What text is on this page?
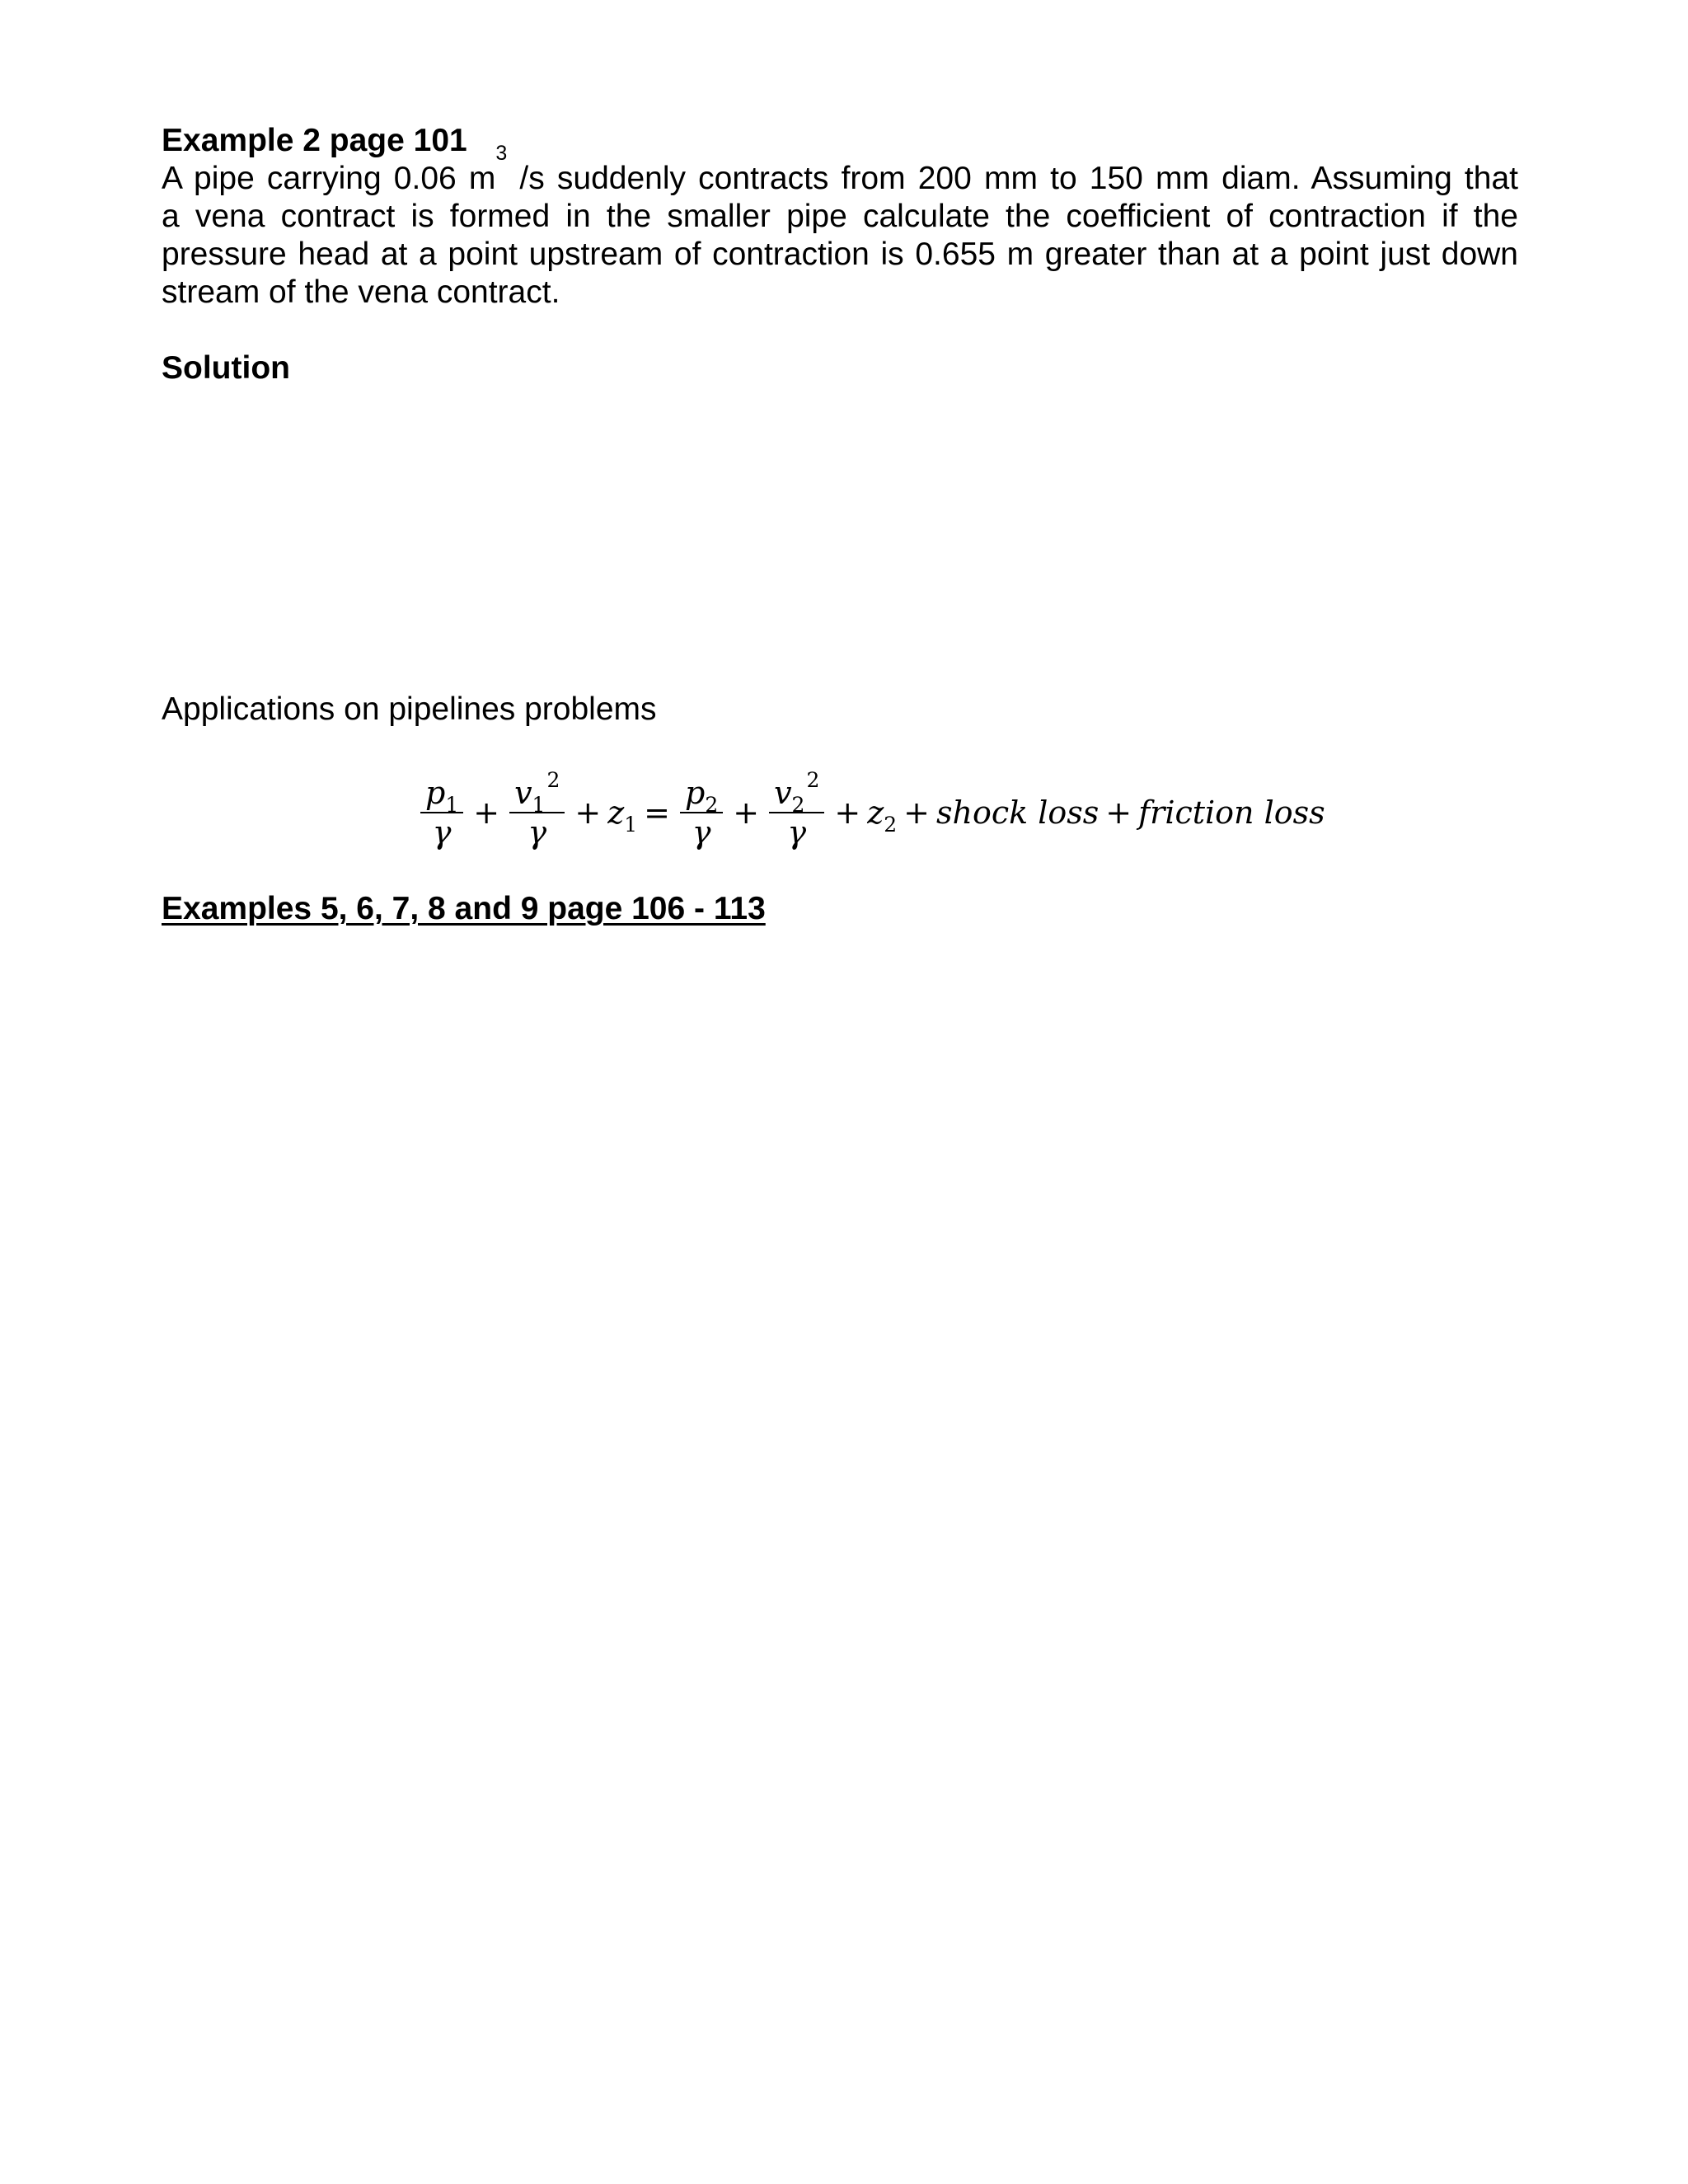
Example 2 page 101
A pipe carrying 0.06 $m^3$ /s suddenly contracts from 200 mm to 150 mm diam. Assuming that
a vena contract is formed in the smaller pipe calculate the coefficient of contraction if the
pressure head at a point upstream of contraction is 0.655 m greater than at a point just down
stream of the vena contract.
Solution
Applications on pipelines problems
$\frac{p_1}{\gamma} + \frac{v_1^2}{\gamma} + z_1 = \frac{p_2}{\gamma} + \frac{v_2^2}{\gamma} + z_2$ + shock loss + friction loss
Examples 5, 6, 7, 8 and 9 page 106 - 113
